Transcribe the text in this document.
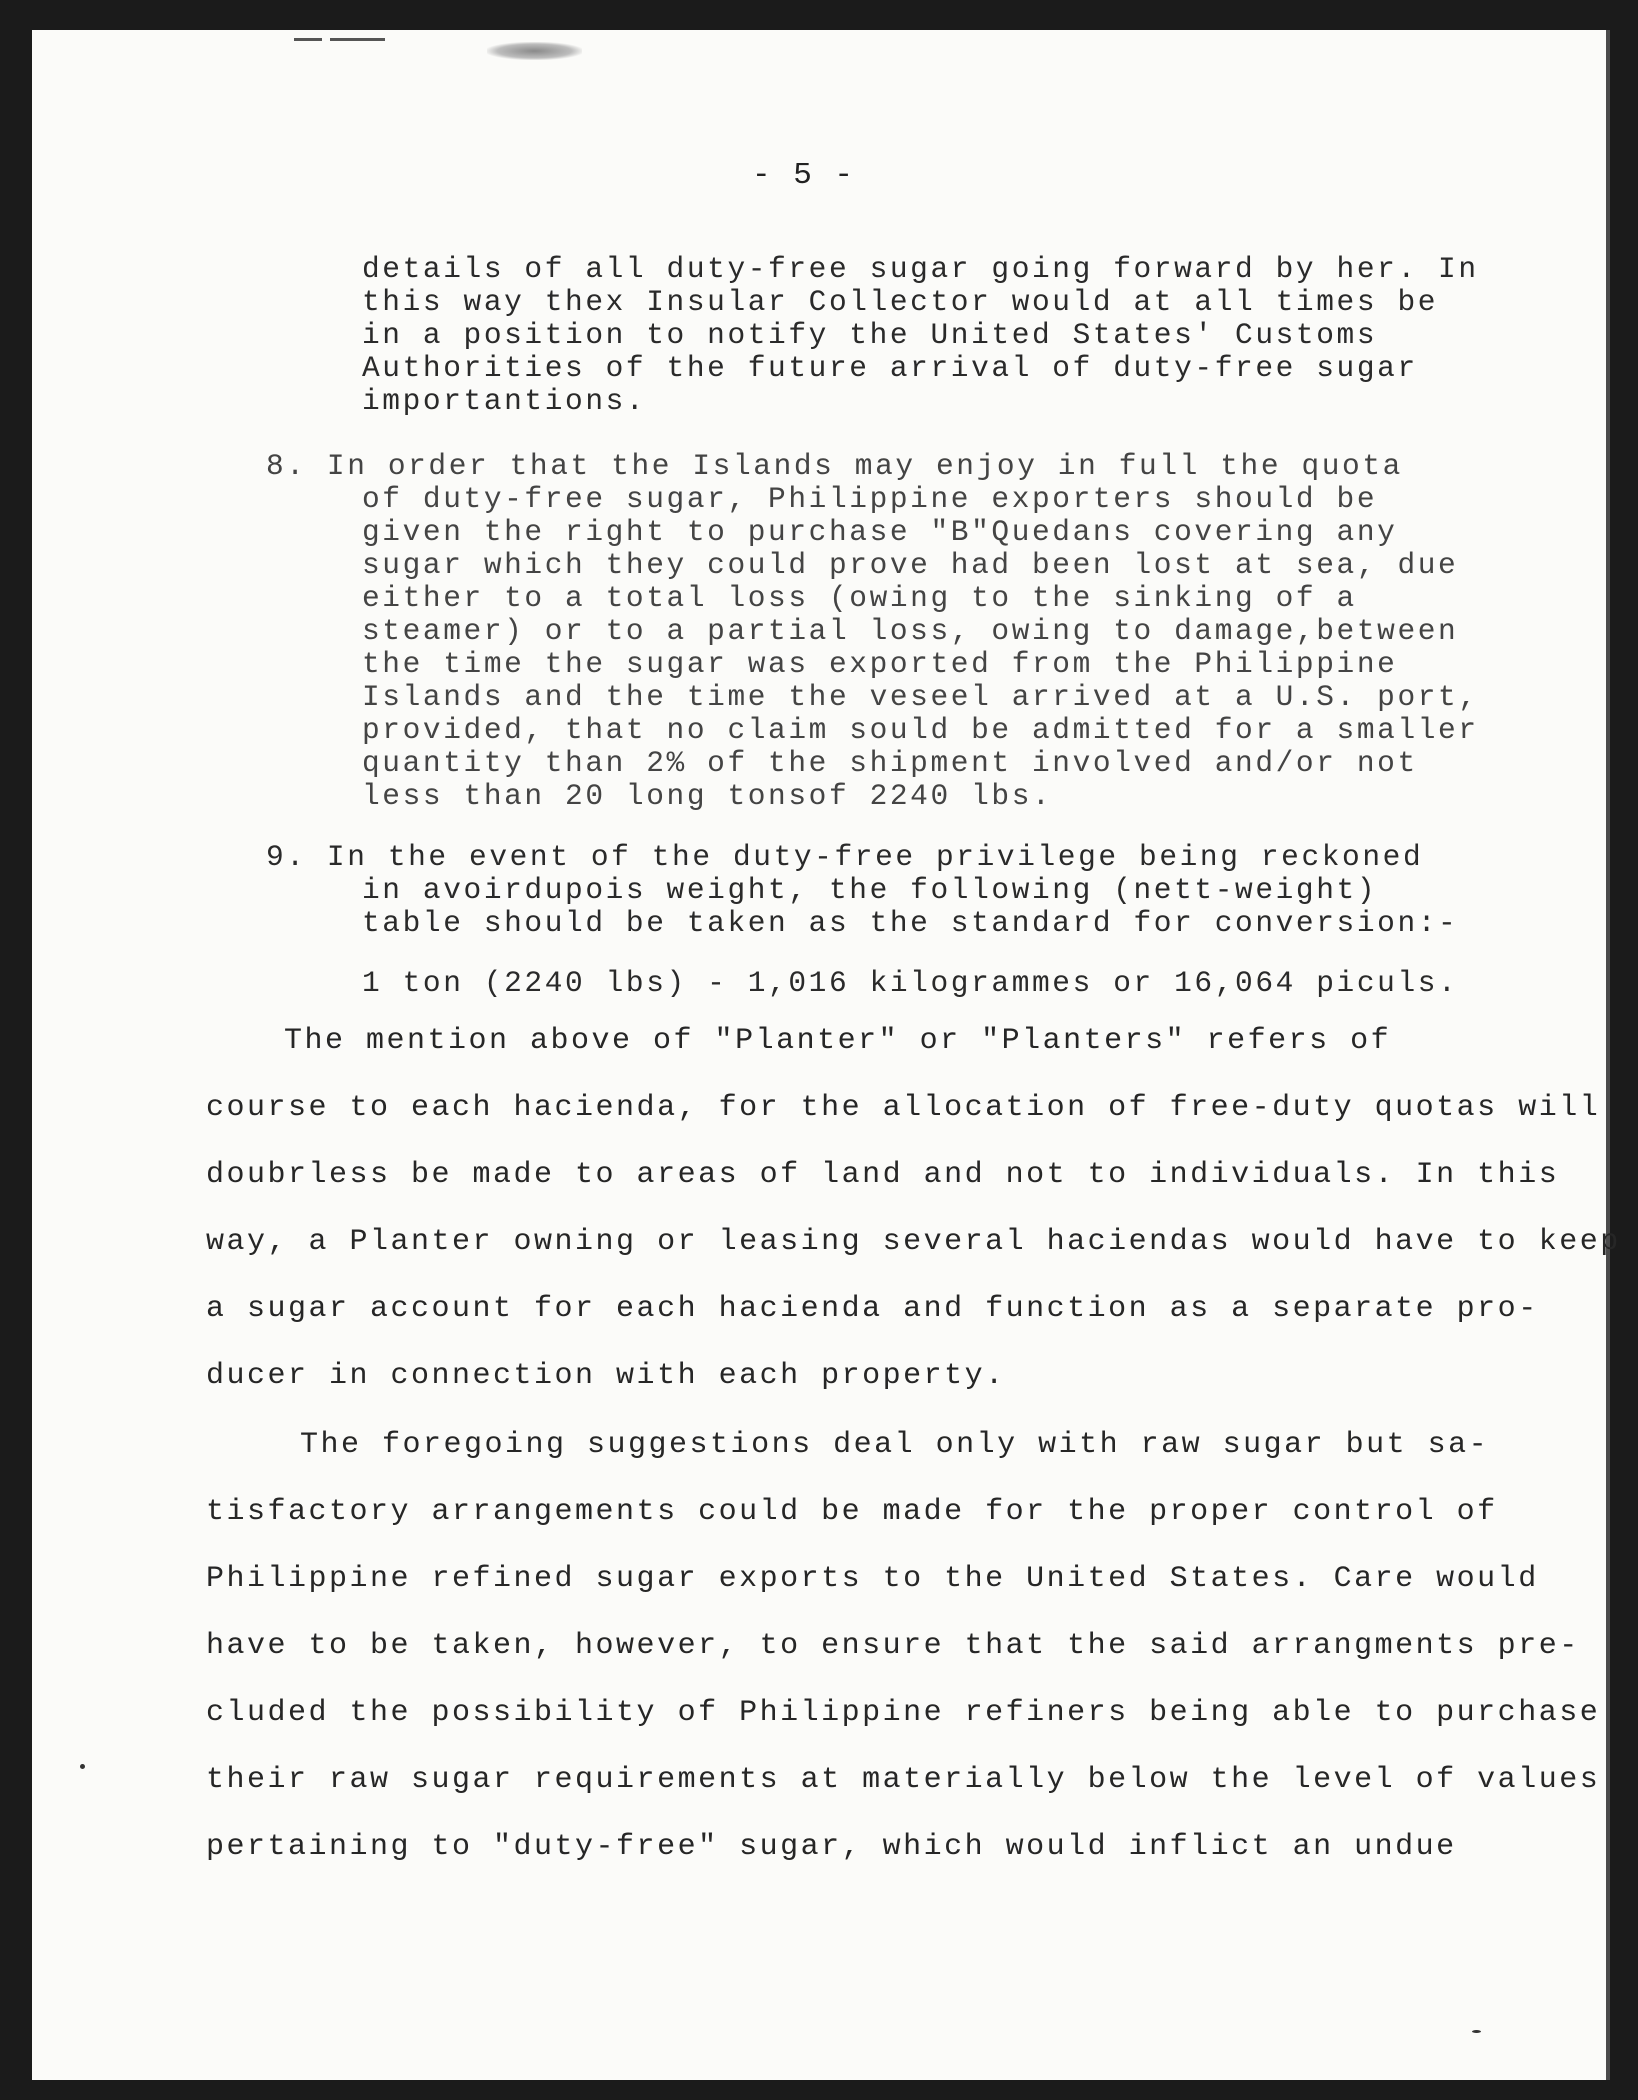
- 5 -
details of all duty-free sugar going forward by her. In
this way thex Insular Collector would at all times be
in a position to notify the United States' Customs
Authorities of the future arrival of duty-free sugar
importantions.
8. In order that the Islands may enjoy in full the quota
of duty-free sugar, Philippine exporters should be
given the right to purchase "B"Quedans covering any
sugar which they could prove had been lost at sea, due
either to a total loss (owing to the sinking of a
steamer) or to a partial loss, owing to damage,between
the time the sugar was exported from the Philippine
Islands and the time the veseel arrived at a U.S. port,
provided, that no claim sould be admitted for a smaller
quantity than 2% of the shipment involved and/or not
less than 20 long tonsof 2240 lbs.
9. In the event of the duty-free privilege being reckoned
in avoirdupois weight, the following (nett-weight)
table should be taken as the standard for conversion:-
1 ton (2240 lbs) - 1,016 kilogrammes or 16,064 piculs.
The mention above of "Planter" or "Planters" refers of
course to each hacienda, for the allocation of free-duty quotas will
doubrless be made to areas of land and not to individuals. In this
way, a Planter owning or leasing several haciendas would have to keep
a sugar account for each hacienda and function as a separate pro-
ducer in connection with each property.
The foregoing suggestions deal only with raw sugar but sa-
tisfactory arrangements could be made for the proper control of
Philippine refined sugar exports to the United States. Care would
have to be taken, however, to ensure that the said arrangments pre-
cluded the possibility of Philippine refiners being able to purchase
their raw sugar requirements at materially below the level of values
pertaining to "duty-free" sugar, which would inflict an undue
